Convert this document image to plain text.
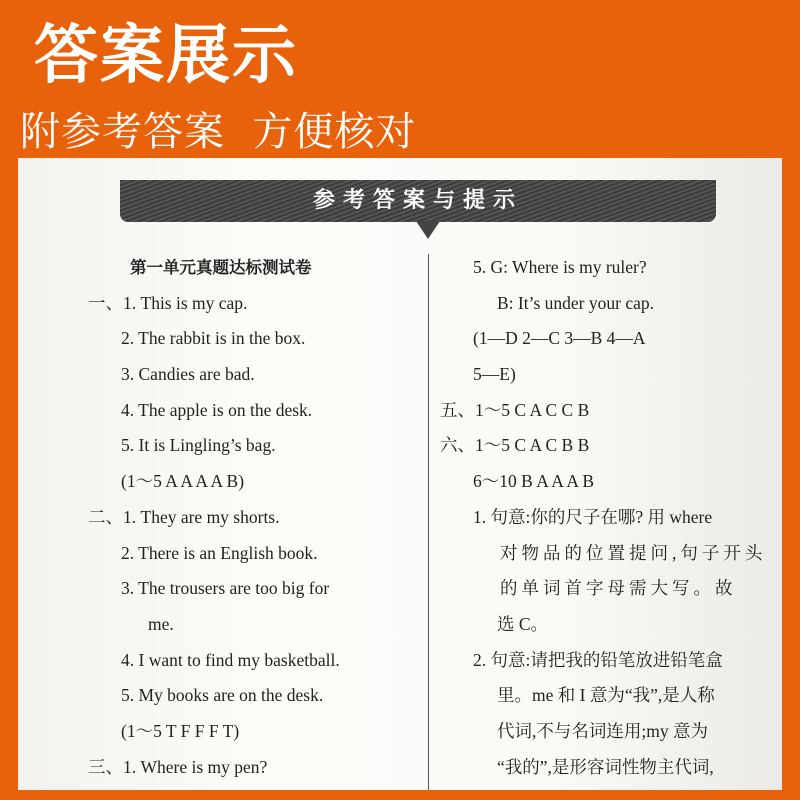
答案展示
附参考答案  方便核对
参考答案与提示
第一单元真题达标测试卷
一、1. This is my cap.
2. The rabbit is in the box.
3. Candies are bad.
4. The apple is on the desk.
5. It is Lingling’s bag.
(1～5 A A A A B)
二、1. They are my shorts.
2. There is an English book.
3. The trousers are too big for
me.
4. I want to find my basketball.
5. My books are on the desk.
(1～5 T F F F T)
三、1. Where is my pen?
5. G: Where is my ruler?
B: It’s under your cap.
(1—D 2—C 3—B 4—A
5—E)
五、1～5 C A C C B
六、1～5 C A C B B
6～10 B A A A B
1. 句意:你的尺子在哪? 用 where
对物品的位置提问,句子开头
的单词首字母需大写。故
选 C。
2. 句意:请把我的铅笔放进铅笔盒
里。me 和 I 意为“我”,是人称
代词,不与名词连用;my 意为
“我的”,是形容词性物主代词,
